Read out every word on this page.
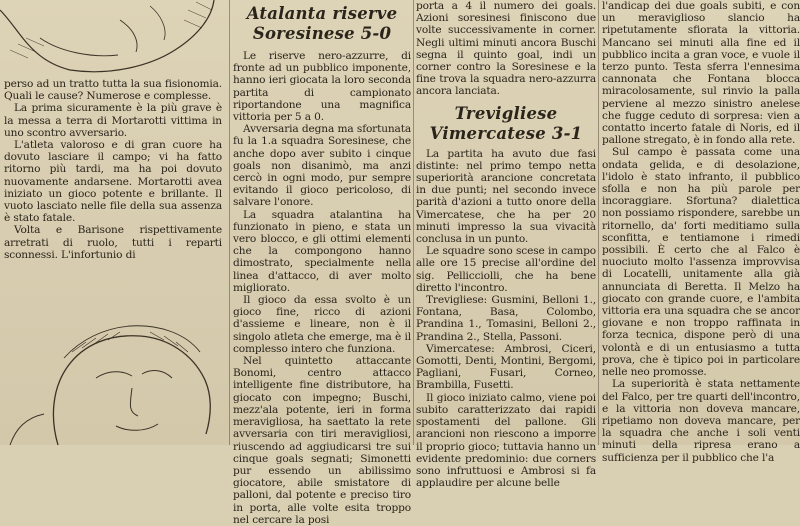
perso ad un tratto tutta la sua fisionomia. Quali le cause? Numerose e complesse.

La prima sicuramente è la più grave è la messa a terra di Mortarotti vittima in uno scontro avversario.

L'atleta valoroso e di gran cuore ha dovuto lasciare il campo; vi ha fatto ritorno più tardi, ma ha poi dovuto nuovamente andarsene. Mortarotti avea iniziato un gioco potente e brillante. Il vuoto lasciato nelle file della sua assenza è stato fatale.

Volta e Barisone rispettivamente arretrati di ruolo, tutti i reparti sconnessi. L'infortunio di

Atalanta riserve Soresinese 5-0

Le riserve nero-azzurre, di fronte ad un pubblico imponente, hanno ieri giocata la loro seconda partita di campionato riportandone una magnifica vittoria per 5 a 0.

Avversaria degna ma sfortunata fu la 1.a squadra Soresinese, che anche dopo aver subito i cinque goals non disanimò, ma anzi cercò in ogni modo, pur sempre evitando il gioco pericoloso, di salvare l'onore.

La squadra atalantina ha funzionato in pieno, e stata un vero blocco, e gli ottimi elementi che la compongono hanno dimostrato, specialmente nella linea d'attacco, di aver molto migliorato.

Il gioco da essa svolto è un gioco fine, ricco di azioni d'assieme e lineare, non è il singolo atleta che emerge, ma è il complesso intero che funziona.

Nel quintetto attaccante Bonomi, centro attacco intelligente fine distributore, ha giocato con impegno; Buschi, mezz'ala potente, ieri in forma meravigliosa, ha saettato la rete avversaria con tiri meravigliosi, riuscendo ad aggiudicarsi tre sui cinque goals segnati; Simonetti pur essendo un abilissimo giocatore, abile smistatore di palloni, dal potente e preciso tiro in porta, alle volte esita troppo nel cercare la posi

porta a 4 il numero dei goals. Azioni soresinesi finiscono due volte successivamente in corner. Negli ultimi minuti ancora Buschi segna il quinto goal, indi un corner contro la Soresinese e la fine trova la squadra nero-azzurra ancora lanciata.

Trevigliese Vimercatese 3-1

La partita ha avuto due fasi distinte: nel primo tempo netta superiorità arancione concretata in due punti; nel secondo invece parità d'azioni a tutto onore della Vimercatese, che ha per 20 minuti impresso la sua vivacità conclusa in un punto.

Le squadre sono scese in campo alle ore 15 precise all'ordine del sig. Pellicciolli, che ha bene diretto l'incontro.

Trevigliese: Gusmini, Belloni 1., Fontana, Basa, Colombo, Prandina 1., Tomasini, Belloni 2., Prandina 2., Stella, Passoni.

Vimercatese: Ambrosi, Ciceri, Gomotti, Denti, Montini, Bergomi, Pagliani, Fusari, Corneo, Brambilla, Fusetti.

Il gioco iniziato calmo, viene poi subito caratterizzato dai rapidi spostamenti del pallone. Gli arancioni non riescono a imporre il proprio gioco; tuttavia hanno un evidente predominio: due corners sono infruttuosi e Ambrosi si fa applaudire per alcune belle

l'andicap dei due goals subiti, e con un meraviglioso slancio ha ripetutamente sfiorata la vittoria. Mancano sei minuti alla fine ed il pubblico incita a gran voce, e vuole il terzo punto. Testa sferra l'ennesima cannonata che Fontana blocca miracolosamente, sul rinvio la palla perviene al mezzo sinistro anelese che fugge ceduto di sorpresa: vien a contatto incerto fatale di Noris, ed il pallone stregato, è in fondo alla rete.

Sul campo è passata come una ondata gelida, e di desolazione, l'idolo è stato infranto, il pubblico sfolla e non ha più parole per incoraggiare. Sfortuna? dialettica non possiamo rispondere, sarebbe un ritornello, da' forti meditiamo sulla sconfitta, e tentiamone i rimedi possibili. È certo che al Falco è nuociuto molto l'assenza improvvisa di Locatelli, unitamente alla già annunciata di Beretta. Il Melzo ha giocato con grande cuore, e l'ambita vittoria era una squadra che se ancor giovane e non troppo raffinata in forza tecnica, dispone però di una volontà e di un entusiasmo a tutta prova, che è tipico poi in particolare nelle neo promosse.

La superiorità è stata nettamente del Falco, per tre quarti dell'incontro, e la vittoria non doveva mancare, ripetiamo non doveva mancare, per la squadra che anche i soli venti minuti della ripresa erano a sufficienza per il pubblico che l'a
